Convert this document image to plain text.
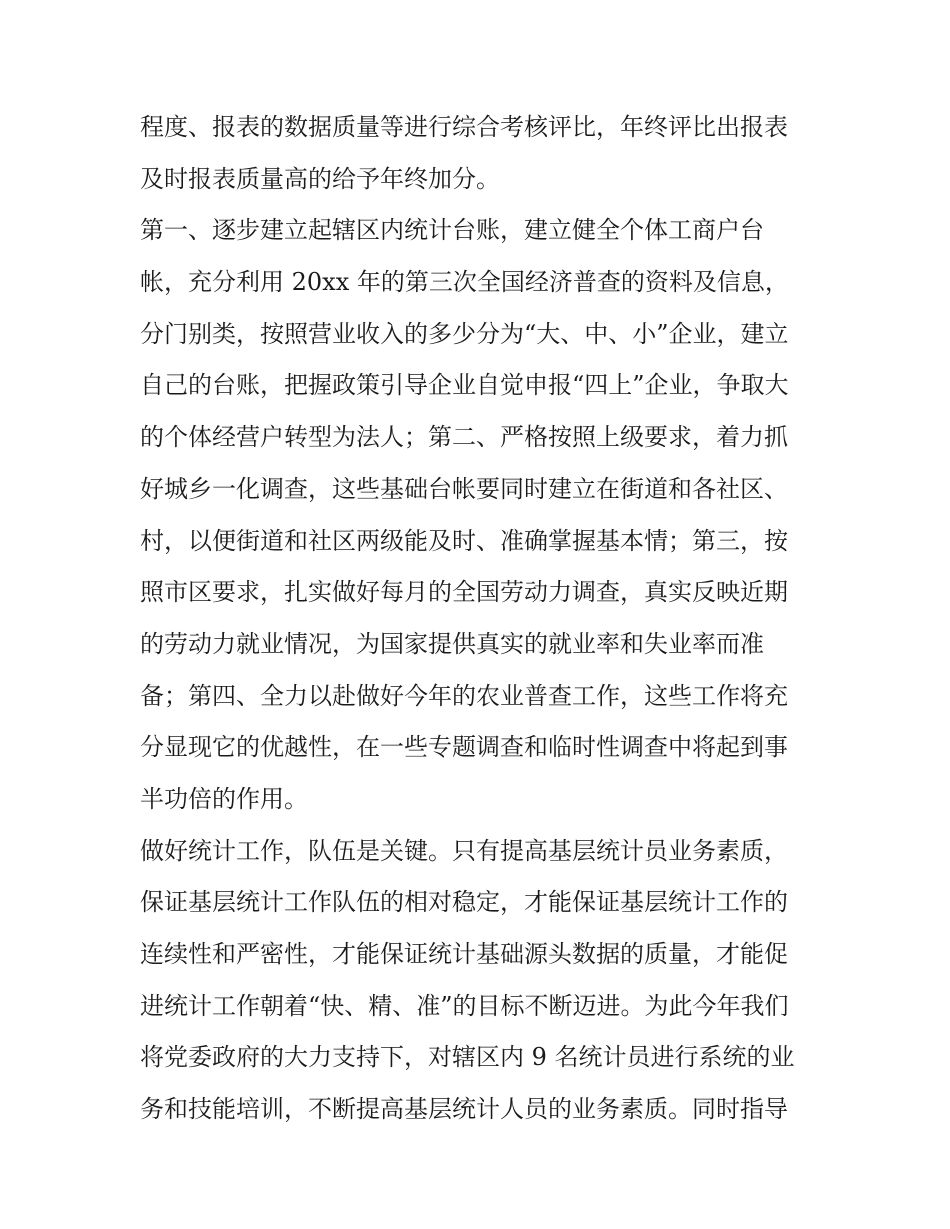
程度、报表的数据质量等进行综合考核评比，年终评比出报表
及时报表质量高的给予年终加分。
第一、逐步建立起辖区内统计台账，建立健全个体工商户台
帐，充分利用 20xx 年的第三次全国经济普查的资料及信息，
分门别类，按照营业收入的多少分为“大、中、小”企业，建立
自己的台账，把握政策引导企业自觉申报“四上”企业，争取大
的个体经营户转型为法人；第二、严格按照上级要求，着力抓
好城乡一化调查，这些基础台帐要同时建立在街道和各社区、
村，以便街道和社区两级能及时、准确掌握基本情；第三，按
照市区要求，扎实做好每月的全国劳动力调查，真实反映近期
的劳动力就业情况，为国家提供真实的就业率和失业率而准
备；第四、全力以赴做好今年的农业普查工作，这些工作将充
分显现它的优越性，在一些专题调查和临时性调查中将起到事
半功倍的作用。
做好统计工作，队伍是关键。只有提高基层统计员业务素质，
保证基层统计工作队伍的相对稳定，才能保证基层统计工作的
连续性和严密性，才能保证统计基础源头数据的质量，才能促
进统计工作朝着“快、精、准”的目标不断迈进。为此今年我们
将党委政府的大力支持下，对辖区内 9 名统计员进行系统的业
务和技能培训，不断提高基层统计人员的业务素质。同时指导
